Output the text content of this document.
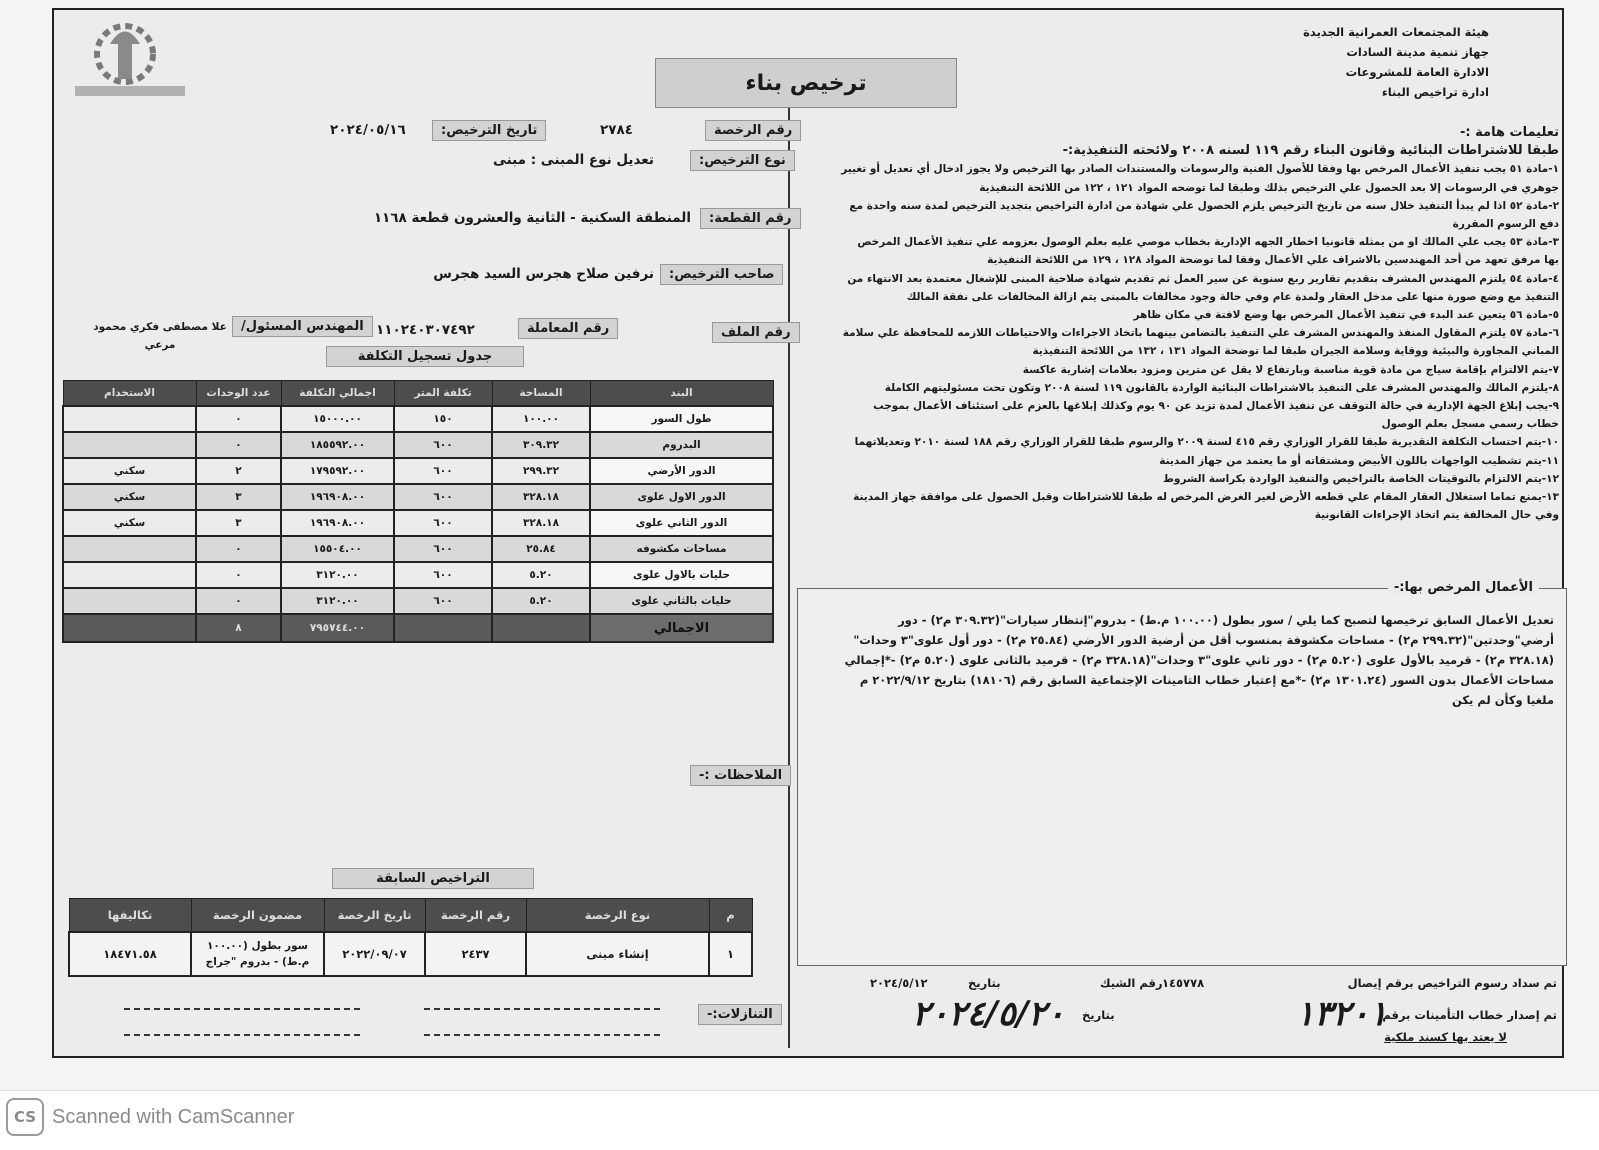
هيئة المجتمعات العمرانية الجديدة
جهاز تنمية مدينة السادات
الادارة العامة للمشروعات
ادارة تراخيص البناء
ترخيص بناء
رقم الرخصة
٢٧٨٤
تاريخ الترخيص:
٢٠٢٤/٠٥/١٦
نوع الترخيص:
تعديل نوع المبنى : مبنى
رقم القطعة:
المنطقة السكنية - الثانية والعشرون قطعة ١١٦٨
صاحب الترخيص:
نرفين صلاح هجرس السيد هجرس
رقم الملف
رقم المعاملة
١١٠٢٤٠٣٠٧٤٩٢
المهندس المسئول/
علا مصطفى فكري محمود مرعي
جدول تسجيل التكلفة
البند	المساحة	تكلفة المتر	اجمالي التكلفة	عدد الوحدات	الاستخدام
طول السور	١٠٠.٠٠	١٥٠	١٥٠٠٠.٠٠	٠	
البدروم	٣٠٩.٣٢	٦٠٠	١٨٥٥٩٢.٠٠	٠	
الدور الأرضي	٢٩٩.٣٢	٦٠٠	١٧٩٥٩٢.٠٠	٢	سكني
الدور الاول علوى	٣٢٨.١٨	٦٠٠	١٩٦٩٠٨.٠٠	٣	سكني
الدور الثاني علوى	٣٢٨.١٨	٦٠٠	١٩٦٩٠٨.٠٠	٣	سكني
مساحات مكشوفه	٢٥.٨٤	٦٠٠	١٥٥٠٤.٠٠	٠	
حليات بالاول علوى	٥.٢٠	٦٠٠	٣١٢٠.٠٠	٠	
حليات بالثاني علوى	٥.٢٠	٦٠٠	٣١٢٠.٠٠	٠	
الاجمالي			٧٩٥٧٤٤.٠٠	٨	
الملاحظات :-
التراخيص السابقة
م	نوع الرخصة	رقم الرخصة	تاريخ الرخصة	مضمون الرخصة	تكاليفها
١	إنشاء مبنى	٢٤٣٧	٢٠٢٢/٠٩/٠٧	سور بطول (١٠٠.٠٠ م.ط) - بدروم "جراج	١٨٤٧١.٥٨
التنازلات:-
تعليمات هامة :-
طبقا للاشتراطات البنائية وقانون البناء رقم ١١٩ لسنه ٢٠٠٨ ولائحته التنفيذية:-
١-مادة ٥١ يجب تنفيذ الأعمال المرخص بها وفقا للأصول الفنية والرسومات والمستندات الصادر بها الترخيص ولا يجوز ادخال أي تعديل أو تغيير جوهري في الرسومات إلا بعد الحصول علي الترخيص بذلك وطبقا لما توضحه المواد ١٢١ ، ١٢٢ من اللائحة التنفيذية
٢-مادة ٥٢ اذا لم يبدأ التنفيذ خلال سنه من تاريخ الترخيص يلزم الحصول علي شهادة من ادارة التراخيص بتجديد الترخيص لمدة سنه واحدة مع دفع الرسوم المقررة
٣-مادة ٥٣ يجب علي المالك او من يمثله قانونيا اخطار الجهه الإدارية بخطاب موصي عليه بعلم الوصول بعزومه علي تنفيذ الأعمال المرخص بها مرفق تعهد من أحد المهندسين بالاشراف علي الأعمال وفقا لما توضحة المواد ١٢٨ ، ١٢٩ من اللائحة التنفيذية
٤-مادة ٥٤ يلتزم المهندس المشرف بتقديم تقارير ربع سنوية عن سير العمل ثم تقديم شهادة صلاحية المبنى للإشغال معتمدة بعد الانتهاء من التنفيذ مع وضع صورة منها على مدخل العقار ولمدة عام وفي حالة وجود مخالفات بالمبنى يتم ازالة المخالفات على نفقة المالك
٥-مادة ٥٦ يتعين عند البدء في تنفيذ الأعمال المرخص بها وضع لافتة في مكان ظاهر
٦-مادة ٥٧ يلتزم المقاول المنفذ والمهندس المشرف علي التنفيذ بالتضامن بينهما باتخاذ الاجراءات والاحتياطات اللازمه للمحافظة علي سلامة المباني المجاورة والبيئية ووقاية وسلامة الجيران طبقا لما توضحة المواد ١٣١ ، ١٣٢ من اللائحة التنفيذية
٧-يتم الالتزام بإقامة سياج من مادة قوية مناسبة وبارتفاع لا يقل عن مترين ومزود بعلامات إشارية عاكسة
٨-يلتزم المالك والمهندس المشرف على التنفيذ بالاشتراطات البنائية الواردة بالقانون ١١٩ لسنة ٢٠٠٨ وتكون تحت مسئوليتهم الكاملة
٩-يجب إبلاغ الجهة الإدارية في حالة التوقف عن تنفيذ الأعمال لمدة تزيد عن ٩٠ يوم وكذلك إبلاغها بالعزم على استئناف الأعمال بموجب خطاب رسمي مسجل بعلم الوصول
١٠-يتم احتساب التكلفة التقديرية طبقا للقرار الوزاري رقم ٤١٥ لسنة ٢٠٠٩ والرسوم طبقا للقرار الوزاري رقم ١٨٨ لسنة ٢٠١٠ وتعديلاتهما
١١-يتم تشطيب الواجهات باللون الأبيض ومشتقاته أو ما يعتمد من جهاز المدينة
١٢-يتم الالتزام بالتوقيتات الخاصة بالتراخيص والتنفيذ الواردة بكراسة الشروط
١٣-يمنع تماما استغلال العقار المقام علي قطعه الأرض لغير الغرض المرخص له طبقا للاشتراطات وقبل الحصول على موافقة جهاز المدينة وفي حال المخالفة يتم اتخاذ الإجراءات القانونية
الأعمال المرخص بها:-
تعديل الأعمال السابق ترخيصها لتصبح كما يلي / سور بطول (١٠٠.٠٠ م.ط) - بدروم"إنتظار سيارات"(٣٠٩.٣٢ م٢) - دور أرضي"وحدتين"(٢٩٩.٣٢ م٢) - مساحات مكشوفة بمنسوب أقل من أرضية الدور الأرضي (٢٥.٨٤ م٢) - دور أول علوى"٣ وحدات"(٣٢٨.١٨ م٢) - قرميد بالأول علوى (٥.٢٠ م٢) - دور ثاني علوى"٣ وحدات"(٣٢٨.١٨ م٢) - قرميد بالثانى علوى (٥.٢٠ م٢) -*إجمالي مساحات الأعمال بدون السور (١٣٠١.٢٤ م٢) -*مع إعتبار خطاب التامينات الإجتماعية السابق رقم (١٨١٠٦) بتاريخ ٢٠٢٢/٩/١٢ م ملغيا وكأن لم يكن
تم سداد رسوم التراخيص برقم إيصال
١٤٥٧٧٨
رقم الشيك
بتاريخ
٢٠٢٤/٥/١٢
تم إصدار خطاب التأمينات برقم
١٣٢٠١
بتاريخ
٢٠٢٤/٥/٢٠
لا يعتد بها كسند ملكية
CS Scanned with CamScanner
